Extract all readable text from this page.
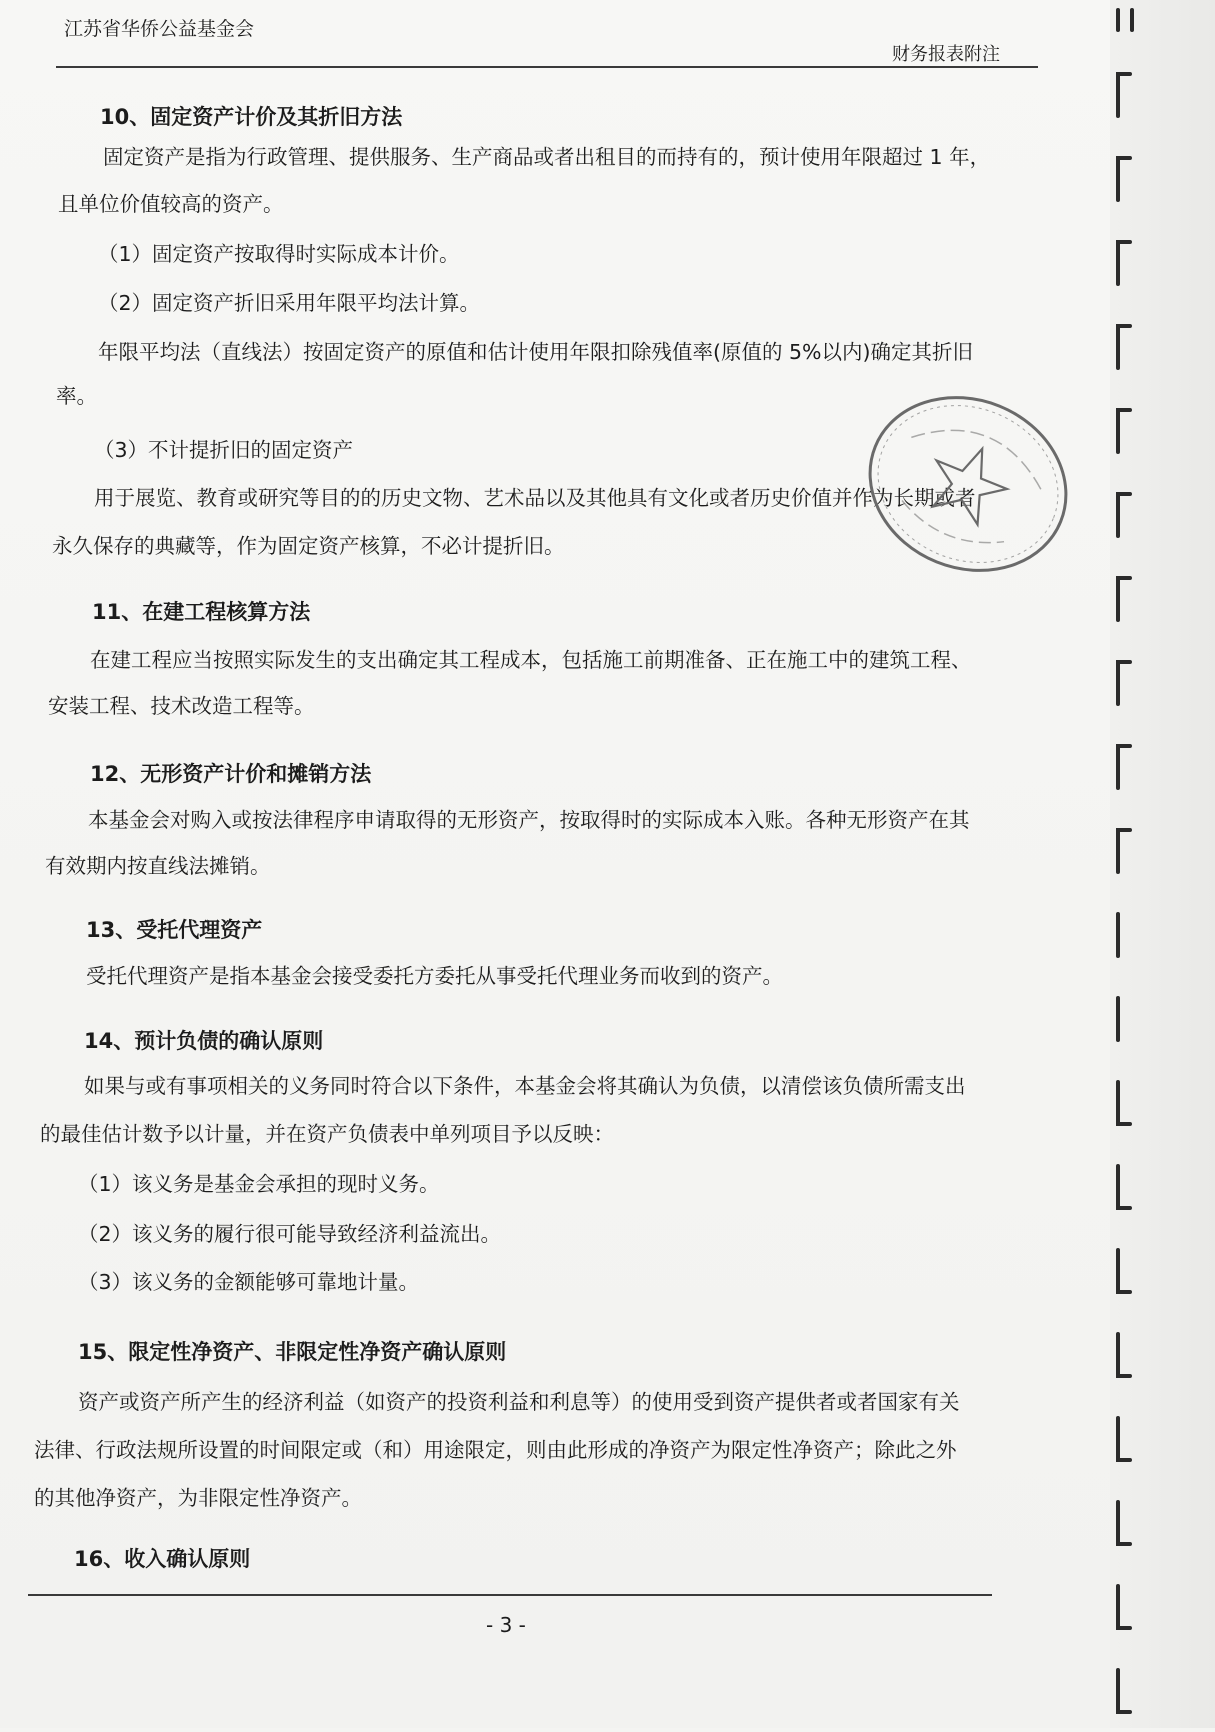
江苏省华侨公益基金会
财务报表附注
10、固定资产计价及其折旧方法
固定资产是指为行政管理、提供服务、生产商品或者出租目的而持有的，预计使用年限超过 1 年，
且单位价值较高的资产。
（1）固定资产按取得时实际成本计价。
（2）固定资产折旧采用年限平均法计算。
年限平均法（直线法）按固定资产的原值和估计使用年限扣除残值率(原值的 5%以内)确定其折旧
率。
（3）不计提折旧的固定资产
用于展览、教育或研究等目的的历史文物、艺术品以及其他具有文化或者历史价值并作为长期或者
永久保存的典藏等，作为固定资产核算，不必计提折旧。
11、在建工程核算方法
在建工程应当按照实际发生的支出确定其工程成本，包括施工前期准备、正在施工中的建筑工程、
安装工程、技术改造工程等。
12、无形资产计价和摊销方法
本基金会对购入或按法律程序申请取得的无形资产，按取得时的实际成本入账。各种无形资产在其
有效期内按直线法摊销。
13、受托代理资产
受托代理资产是指本基金会接受委托方委托从事受托代理业务而收到的资产。
14、预计负债的确认原则
如果与或有事项相关的义务同时符合以下条件，本基金会将其确认为负债，以清偿该负债所需支出
的最佳估计数予以计量，并在资产负债表中单列项目予以反映：
（1）该义务是基金会承担的现时义务。
（2）该义务的履行很可能导致经济利益流出。
（3）该义务的金额能够可靠地计量。
15、限定性净资产、非限定性净资产确认原则
资产或资产所产生的经济利益（如资产的投资利益和利息等）的使用受到资产提供者或者国家有关
法律、行政法规所设置的时间限定或（和）用途限定，则由此形成的净资产为限定性净资产；除此之外
的其他净资产，为非限定性净资产。
16、收入确认原则
- 3 -
